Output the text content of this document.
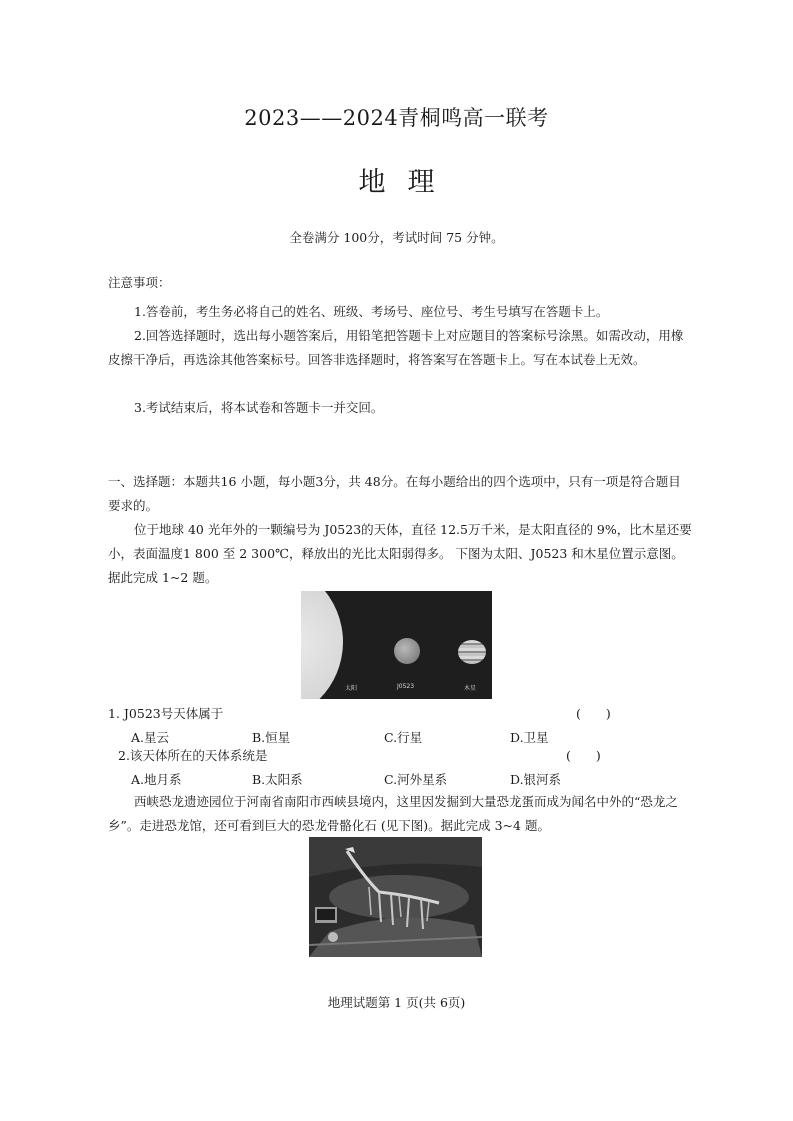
2023——2024青桐鸣高一联考
地理
全卷满分 100分，考试时间 75 分钟。
注意事项：
1.答卷前，考生务必将自己的姓名、班级、考场号、座位号、考生号填写在答题卡上。
2.回答选择题时，选出每小题答案后，用铅笔把答题卡上对应题目的答案标号涂黑。如需改动，用橡皮擦干净后，再选涂其他答案标号。回答非选择题时，将答案写在答题卡上。写在本试卷上无效。
3.考试结束后，将本试卷和答题卡一并交回。
一、选择题：本题共16 小题，每小题3分，共 48分。在每小题给出的四个选项中，只有一项是符合题目要求的。
位于地球 40 光年外的一颗编号为 J0523的天体，直径 12.5万千米，是太阳直径的 9%，比木星还要小，表面温度1 800 至 2 300℃，释放出的光比太阳弱得多。 下图为太阳、J0523 和木星位置示意图。据此完成 1~2 题。
太阳	J0523	木星
1. J0523号天体属于	(　　)
A.星云	B.恒星	C.行星	D.卫星
2.该天体所在的天体系统是	(　　)
A.地月系	B.太阳系	C.河外星系	D.银河系
西峡恐龙遗迹园位于河南省南阳市西峡县境内，这里因发掘到大量恐龙蛋而成为闻名中外的“恐龙之乡”。走进恐龙馆，还可看到巨大的恐龙骨骼化石 (见下图)。据此完成 3~4 题。
地理试题第 1 页(共 6页)
